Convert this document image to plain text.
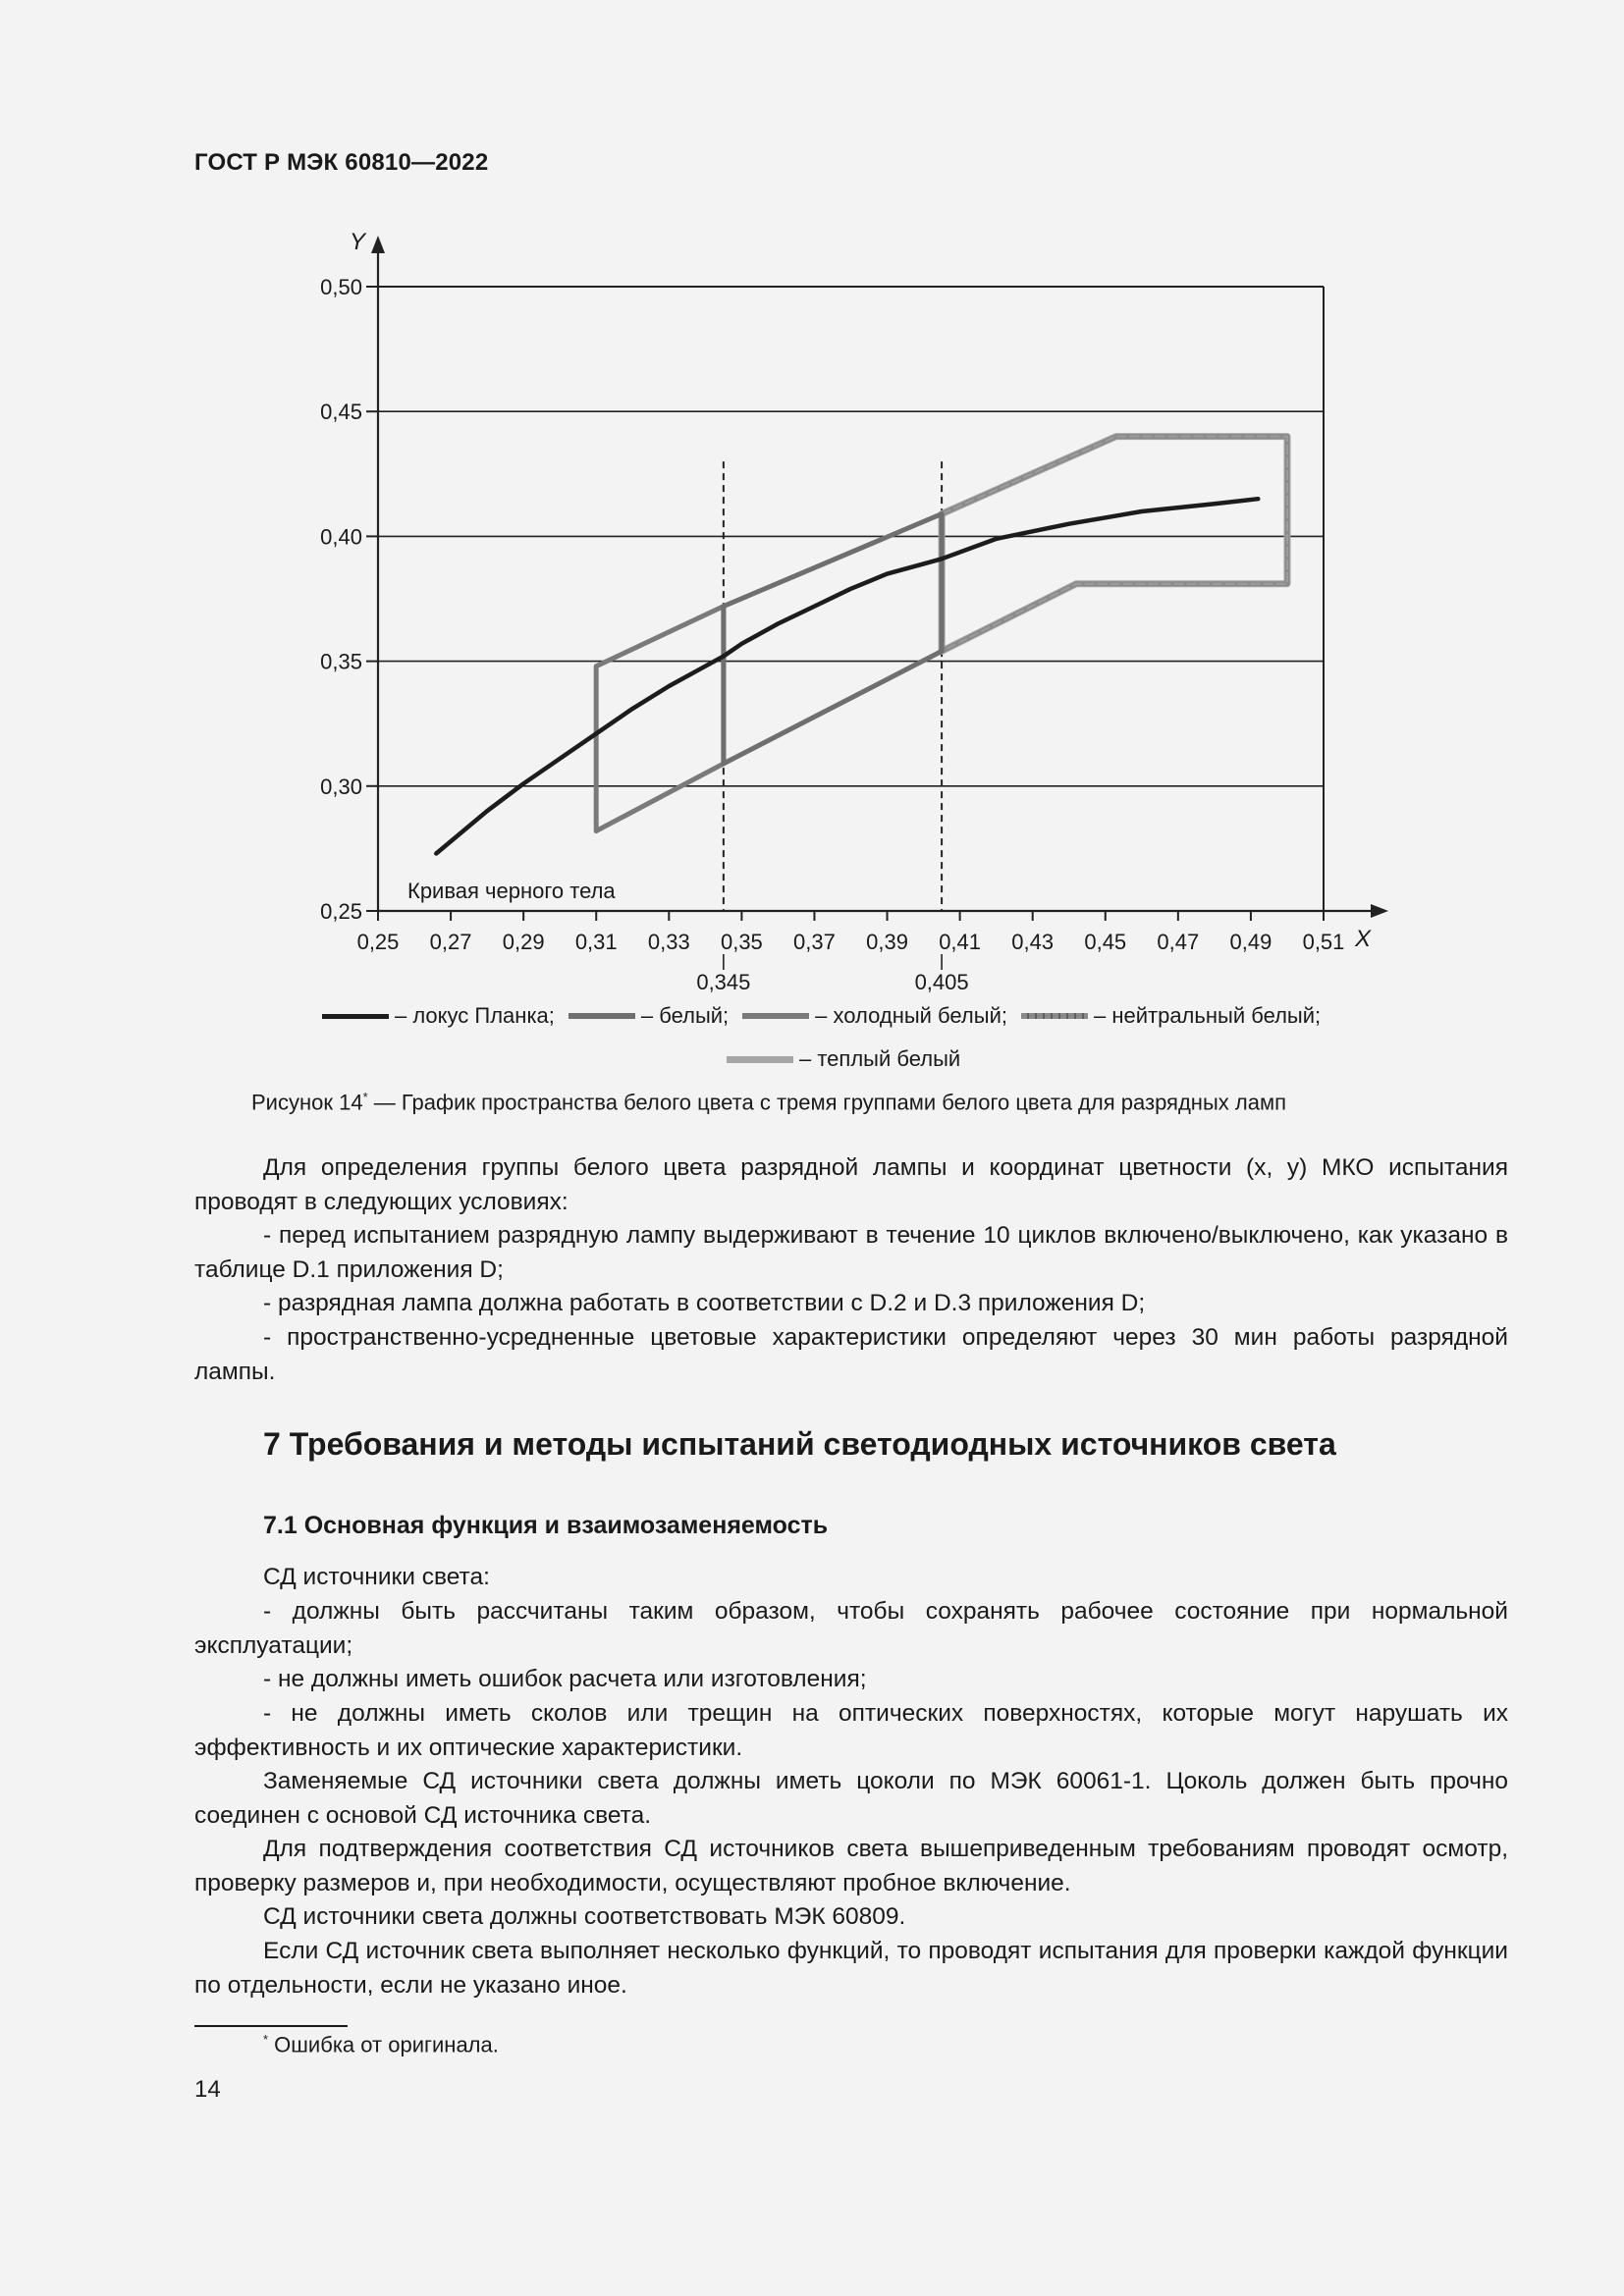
ГОСТ Р МЭК 60810—2022
0,25
0,30
0,35
0,40
0,45
0,50
0,25 0,27 0,29 0,31 0,33 0,35 0,37 0,39 0,41 0,43 0,45 0,47 0,49 0,51
0,345	0,405
Y
X
Кривая черного тела
– локус Планка;	– белый;	– холодный белый;	– нейтральный белый;
– теплый белый
Рисунок 14* — График пространства белого цвета с тремя группами белого цвета для разрядных ламп
Для определения группы белого цвета разрядной лампы и координат цветности (x, y) МКО испытания проводят в следующих условиях:
- перед испытанием разрядную лампу выдерживают в течение 10 циклов включено/выключено, как указано в таблице D.1 приложения D;
- разрядная лампа должна работать в соответствии с D.2 и D.3 приложения D;
- пространственно-усредненные цветовые характеристики определяют через 30 мин работы разрядной лампы.
7 Требования и методы испытаний светодиодных источников света
7.1 Основная функция и взаимозаменяемость
СД источники света:
- должны быть рассчитаны таким образом, чтобы сохранять рабочее состояние при нормальной эксплуатации;
- не должны иметь ошибок расчета или изготовления;
- не должны иметь сколов или трещин на оптических поверхностях, которые могут нарушать их эффективность и их оптические характеристики.
Заменяемые СД источники света должны иметь цоколи по МЭК 60061-1. Цоколь должен быть прочно соединен с основой СД источника света.
Для подтверждения соответствия СД источников света вышеприведенным требованиям проводят осмотр, проверку размеров и, при необходимости, осуществляют пробное включение.
СД источники света должны соответствовать МЭК 60809.
Если СД источник света выполняет несколько функций, то проводят испытания для проверки каждой функции по отдельности, если не указано иное.
* Ошибка от оригинала.
14
